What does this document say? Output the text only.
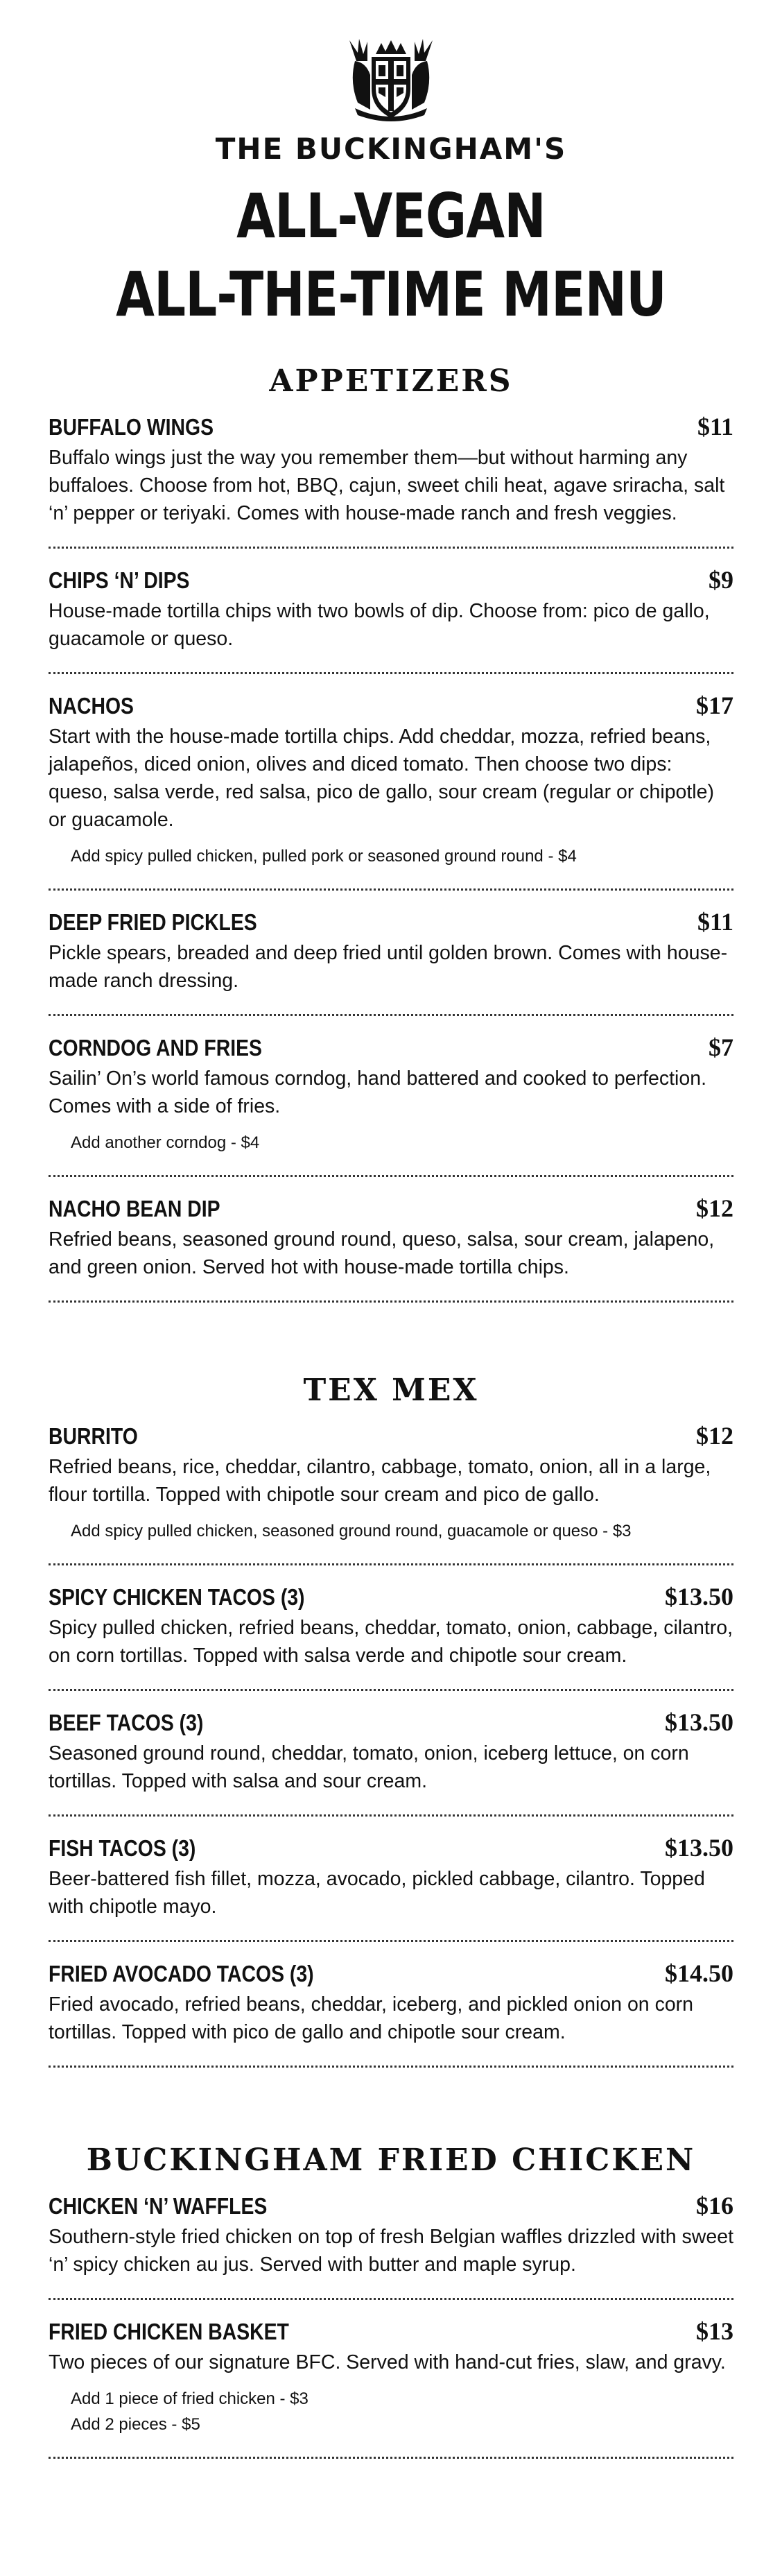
THE BUCKINGHAM'S
ALL-VEGAN
ALL-THE-TIME MENU
APPETIZERS
BUFFALO WINGS	$11
Buffalo wings just the way you remember them—but without harming any buffaloes. Choose from hot, BBQ, cajun, sweet chili heat, agave sriracha, salt ‘n’ pepper or teriyaki. Comes with house-made ranch and fresh veggies.
CHIPS ‘N’ DIPS	$9
House-made tortilla chips with two bowls of dip. Choose from: pico de gallo, guacamole or queso.
NACHOS	$17
Start with the house-made tortilla chips. Add cheddar, mozza, refried beans, jalapeños, diced onion, olives and diced tomato. Then choose two dips: queso, salsa verde, red salsa, pico de gallo, sour cream (regular or chipotle) or guacamole.
Add spicy pulled chicken, pulled pork or seasoned ground round - $4
DEEP FRIED PICKLES	$11
Pickle spears, breaded and deep fried until golden brown. Comes with house-made ranch dressing.
CORNDOG AND FRIES	$7
Sailin’ On’s world famous corndog, hand battered and cooked to perfection. Comes with a side of fries.
Add another corndog - $4
NACHO BEAN DIP	$12
Refried beans, seasoned ground round, queso, salsa, sour cream, jalapeno, and green onion. Served hot with house-made tortilla chips.
TEX MEX
BURRITO	$12
Refried beans, rice, cheddar, cilantro, cabbage, tomato, onion, all in a large, flour tortilla. Topped with chipotle sour cream and pico de gallo.
Add spicy pulled chicken, seasoned ground round, guacamole or queso - $3
SPICY CHICKEN TACOS (3)	$13.50
Spicy pulled chicken, refried beans, cheddar, tomato, onion, cabbage, cilantro, on corn tortillas. Topped with salsa verde and chipotle sour cream.
BEEF TACOS (3)	$13.50
Seasoned ground round, cheddar, tomato, onion, iceberg lettuce, on corn tortillas. Topped with salsa and sour cream.
FISH TACOS (3)	$13.50
Beer-battered fish fillet, mozza, avocado, pickled cabbage, cilantro. Topped with chipotle mayo.
FRIED AVOCADO TACOS (3)	$14.50
Fried avocado, refried beans, cheddar, iceberg, and pickled onion on corn tortillas. Topped with pico de gallo and chipotle sour cream.
BUCKINGHAM FRIED CHICKEN
CHICKEN ‘N’ WAFFLES	$16
Southern-style fried chicken on top of fresh Belgian waffles drizzled with sweet ‘n’ spicy chicken au jus. Served with butter and maple syrup.
FRIED CHICKEN BASKET	$13
Two pieces of our signature BFC. Served with hand-cut fries, slaw, and gravy.
Add 1 piece of fried chicken - $3
Add 2 pieces - $5
